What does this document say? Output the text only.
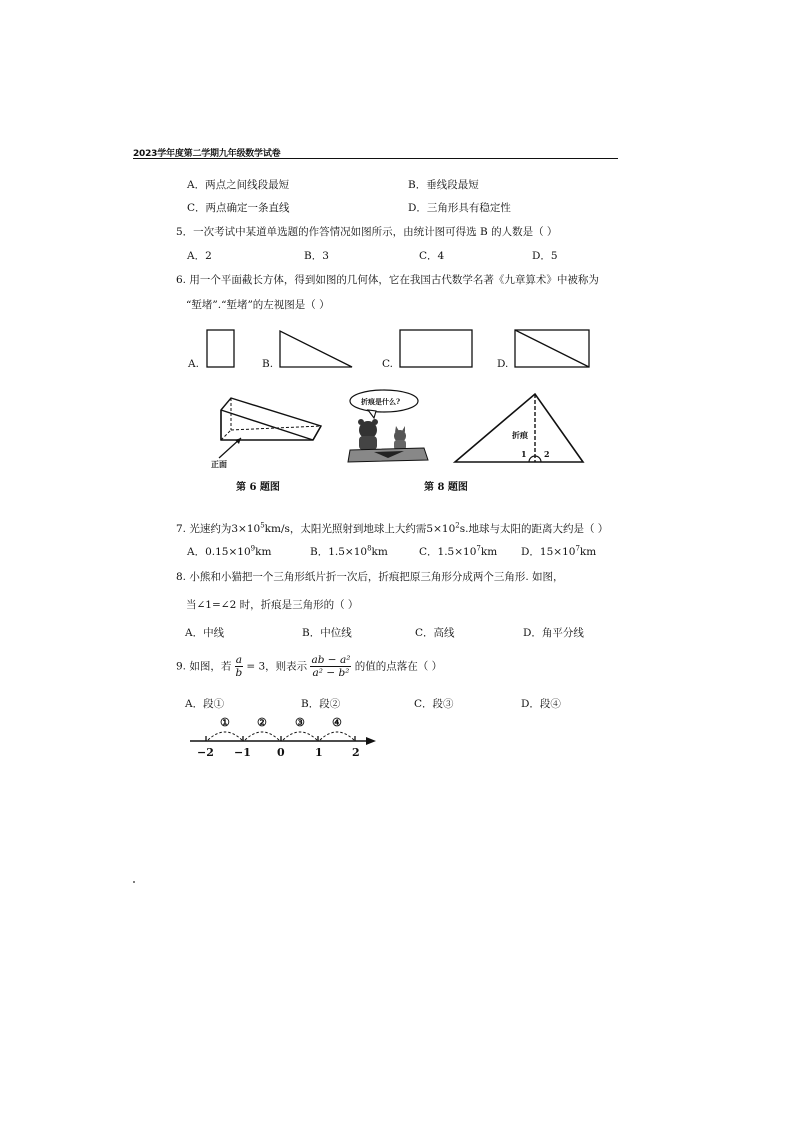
2023学年度第二学期九年级数学试卷
A．两点之间线段最短	B．垂线段最短
C．两点确定一条直线	D．三角形具有稳定性
5．一次考试中某道单选题的作答情况如图所示，由统计图可得选 B 的人数是（ ）
A．2	B．3	C．4	D．5
6. 用一个平面截长方体，得到如图的几何体，它在我国古代数学名著《九章算术》中被称为
“堑堵”.“堑堵”的左视图是（ ）
A.	B.	C.	D.
正面
第 6 题图
折痕是什么?
折痕
1 2
第 8 题图
7. 光速约为$3\times 10^5km/s$，太阳光照射到地球上大约需$5\times 10^2s$.地球与太阳的距离大约是（ ）
A．$0.15\times 10^9km$	B．$1.5\times 10^8km$	C．$1.5\times 10^7km$ D．$15\times 10^7km$
8. 小熊和小猫把一个三角形纸片折一次后，折痕把原三角形分成两个三角形. 如图，
当∠1=∠2 时，折痕是三角形的（ ）
A．中线	B．中位线	C．高线	D．角平分线
9. 如图，若 $\frac{a}{b} = 3$，则表示 $\frac{\text{ab − a²}}{\text{a² − b²}}$ 的值的点落在（ ）
A．段①	B．段②	C．段③	D．段④
① ②	③ ④
−2 −1 0	1	2
